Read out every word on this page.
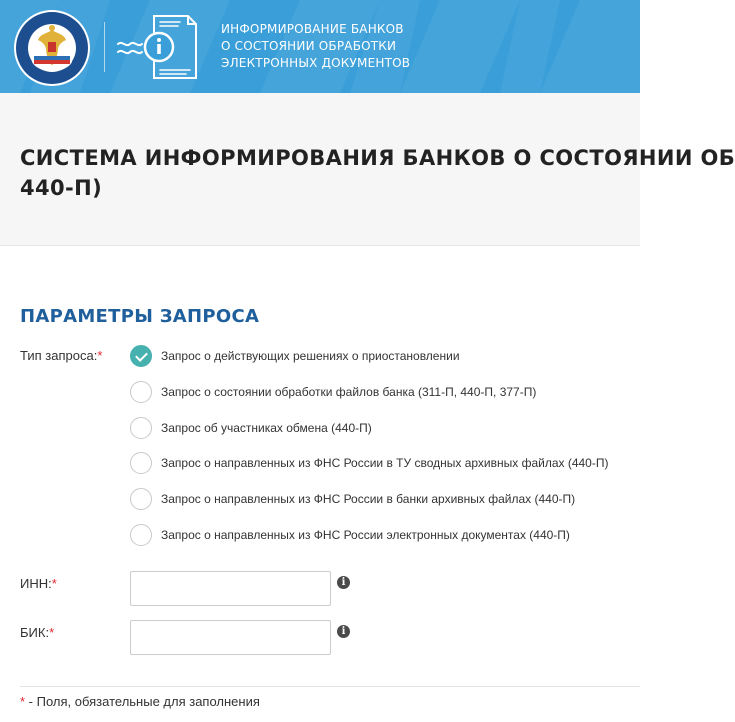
ИНФОРМИРОВАНИЕ БАНКОВ
О СОСТОЯНИИ ОБРАБОТКИ
ЭЛЕКТРОННЫХ ДОКУМЕНТОВ
СИСТЕМА ИНФОРМИРОВАНИЯ БАНКОВ О СОСТОЯНИИ ОБ
440-П)
ПАРАМЕТРЫ ЗАПРОСА
Тип запроса:*	Запрос о действующих решениях о приостановлении
Запрос о состоянии обработки файлов банка (311-П, 440-П, 377-П)
Запрос об участниках обмена (440-П)
Запрос о направленных из ФНС России в ТУ сводных архивных файлах (440-П)
Запрос о направленных из ФНС России в банки архивных файлах (440-П)
Запрос о направленных из ФНС России электронных документах (440-П)
ИНН:*	i
БИК:*	i
* - Поля, обязательные для заполнения
